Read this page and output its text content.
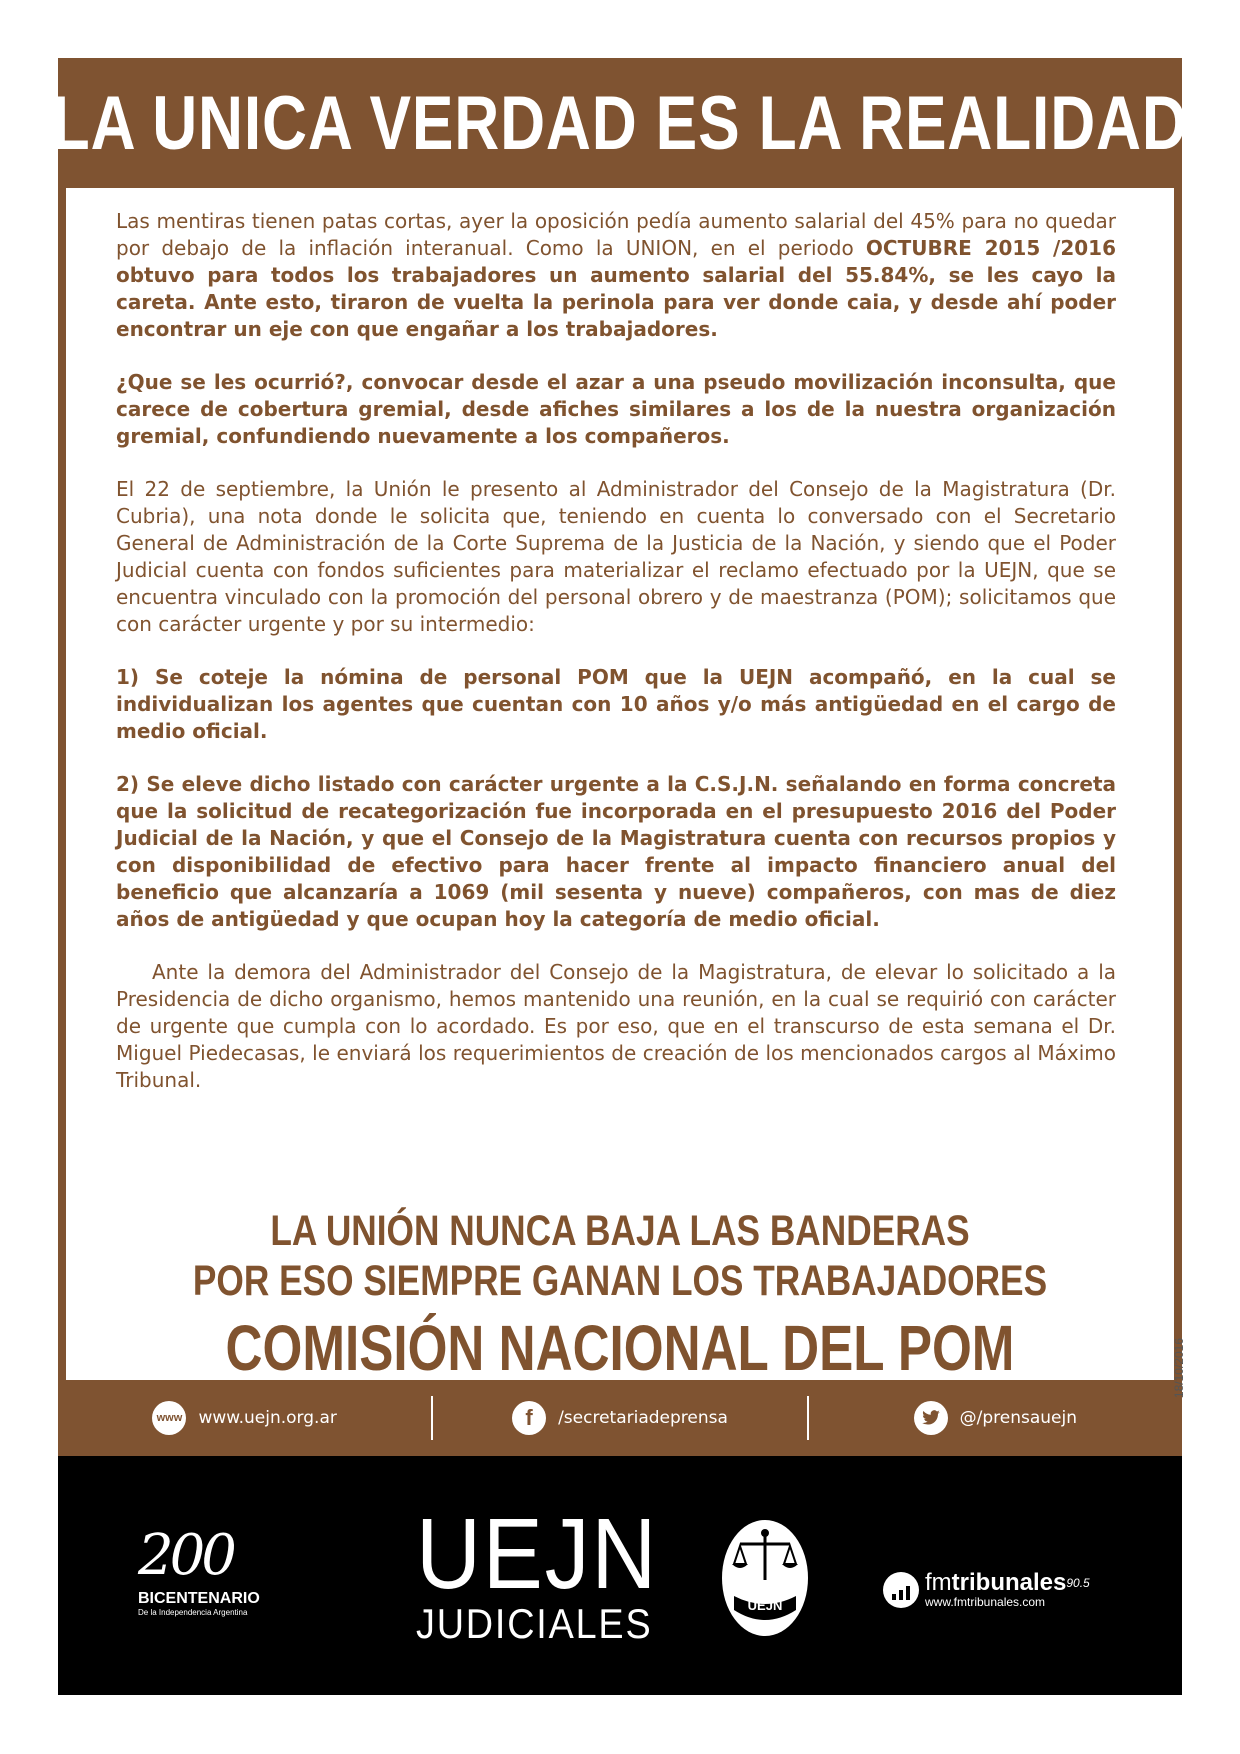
LA UNICA VERDAD ES LA REALIDAD

Las mentiras tienen patas cortas, ayer la oposición pedía aumento salarial del 45% para no quedar por debajo de la inflación interanual. Como la UNION, en el periodo OCTUBRE 2015 /2016 obtuvo para todos los trabajadores un aumento salarial del 55.84%, se les cayo la careta. Ante esto, tiraron de vuelta la perinola para ver donde caia, y desde ahí poder encontrar un eje con que engañar a los trabajadores.

¿Que se les ocurrió?, convocar desde el azar a una pseudo movilización inconsulta, que carece de cobertura gremial, desde afiches similares a los de la nuestra organización gremial, confundiendo nuevamente a los compañeros.

El 22 de septiembre, la Unión le presento al Administrador del Consejo de la Magistratura (Dr. Cubria), una nota donde le solicita que, teniendo en cuenta lo conversado con el Secretario General de Administración de la Corte Suprema de la Justicia de la Nación, y siendo que el Poder Judicial cuenta con fondos suficientes para materializar el reclamo efectuado por la UEJN, que se encuentra vinculado con la promoción del personal obrero y de maestranza (POM); solicitamos que con carácter urgente y por su intermedio:

1) Se coteje la nómina de personal POM que la UEJN acompañó, en la cual se individualizan los agentes que cuentan con 10 años y/o más antigüedad en el cargo de medio oficial.

2) Se eleve dicho listado con carácter urgente a la C.S.J.N. señalando en forma concreta que la solicitud de recategorización fue incorporada en el presupuesto 2016 del Poder Judicial de la Nación, y que el Consejo de la Magistratura cuenta con recursos propios y con disponibilidad de efectivo para hacer frente al impacto financiero anual del beneficio que alcanzaría a 1069 (mil sesenta y nueve) compañeros, con mas de diez años de antigüedad y que ocupan hoy la categoría de medio oficial.

Ante la demora del Administrador del Consejo de la Magistratura, de elevar lo solicitado a la Presidencia de dicho organismo, hemos mantenido una reunión, en la cual se requirió con carácter de urgente que cumpla con lo acordado. Es por eso, que en el transcurso de esta semana el Dr. Miguel Piedecasas, le enviará los requerimientos de creación de los mencionados cargos al Máximo Tribunal.

LA UNIÓN NUNCA BAJA LAS BANDERAS
POR ESO SIEMPRE GANAN LOS TRABAJADORES
COMISIÓN NACIONAL DEL POM	18/10/2016
www www.uejn.org.ar	f	/secretariadeprensa	@/prensauejn
200
BICENTENARIO
De la Independencia Argentina
UEJN
JUDICIALES	UEJN
fmtribunales$^{90.5}$
www.fmtribunales.com
